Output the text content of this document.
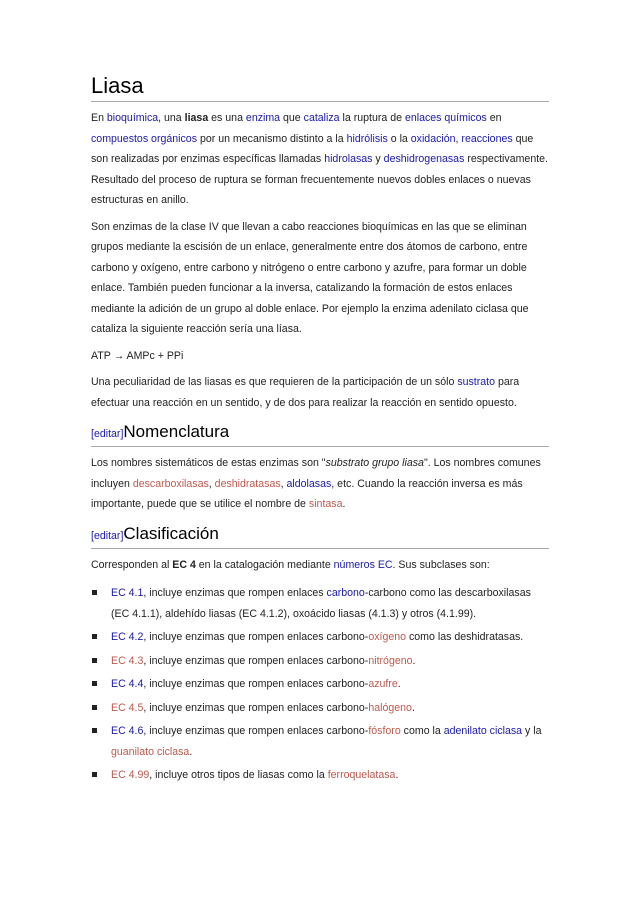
Liasa

En bioquímica, una liasa es una enzima que cataliza la ruptura de enlaces químicos en compuestos orgánicos por un mecanismo distinto a la hidrólisis o la oxidación, reacciones que son realizadas por enzimas específicas llamadas hidrolasas y deshidrogenasas respectivamente. Resultado del proceso de ruptura se forman frecuentemente nuevos dobles enlaces o nuevas estructuras en anillo.

Son enzimas de la clase IV que llevan a cabo reacciones bioquímicas en las que se eliminan grupos mediante la escisión de un enlace, generalmente entre dos átomos de carbono, entre carbono y oxígeno, entre carbono y nitrógeno o entre carbono y azufre, para formar un doble enlace. También pueden funcionar a la inversa, catalizando la formación de estos enlaces mediante la adición de un grupo al doble enlace. Por ejemplo la enzima adenilato ciclasa que cataliza la siguiente reacción sería una líasa.

ATP → AMPc + PPi

Una peculiaridad de las liasas es que requieren de la participación de un sólo sustrato para efectuar una reacción en un sentido, y de dos para realizar la reacción en sentido opuesto.

[editar]Nomenclatura

Los nombres sistemáticos de estas enzimas son "substrato grupo liasa". Los nombres comunes incluyen descarboxilasas, deshidratasas, aldolasas, etc. Cuando la reacción inversa es más importante, puede que se utilice el nombre de sintasa.

[editar]Clasificación

Corresponden al EC 4 en la catalogación mediante números EC. Sus subclases son:

EC 4.1, incluye enzimas que rompen enlaces carbono-carbono como las descarboxilasas (EC 4.1.1), aldehído liasas (EC 4.1.2), oxoácido liasas (4.1.3) y otros (4.1.99).
EC 4.2, incluye enzimas que rompen enlaces carbono-oxígeno como las deshidratasas.
EC 4.3, incluye enzimas que rompen enlaces carbono-nitrógeno.
EC 4.4, incluye enzimas que rompen enlaces carbono-azufre.
EC 4.5, incluye enzimas que rompen enlaces carbono-halógeno.
EC 4.6, incluye enzimas que rompen enlaces carbono-fósforo como la adenilato ciclasa y la guanilato ciclasa.
EC 4.99, incluye otros tipos de liasas como la ferroquelatasa.
